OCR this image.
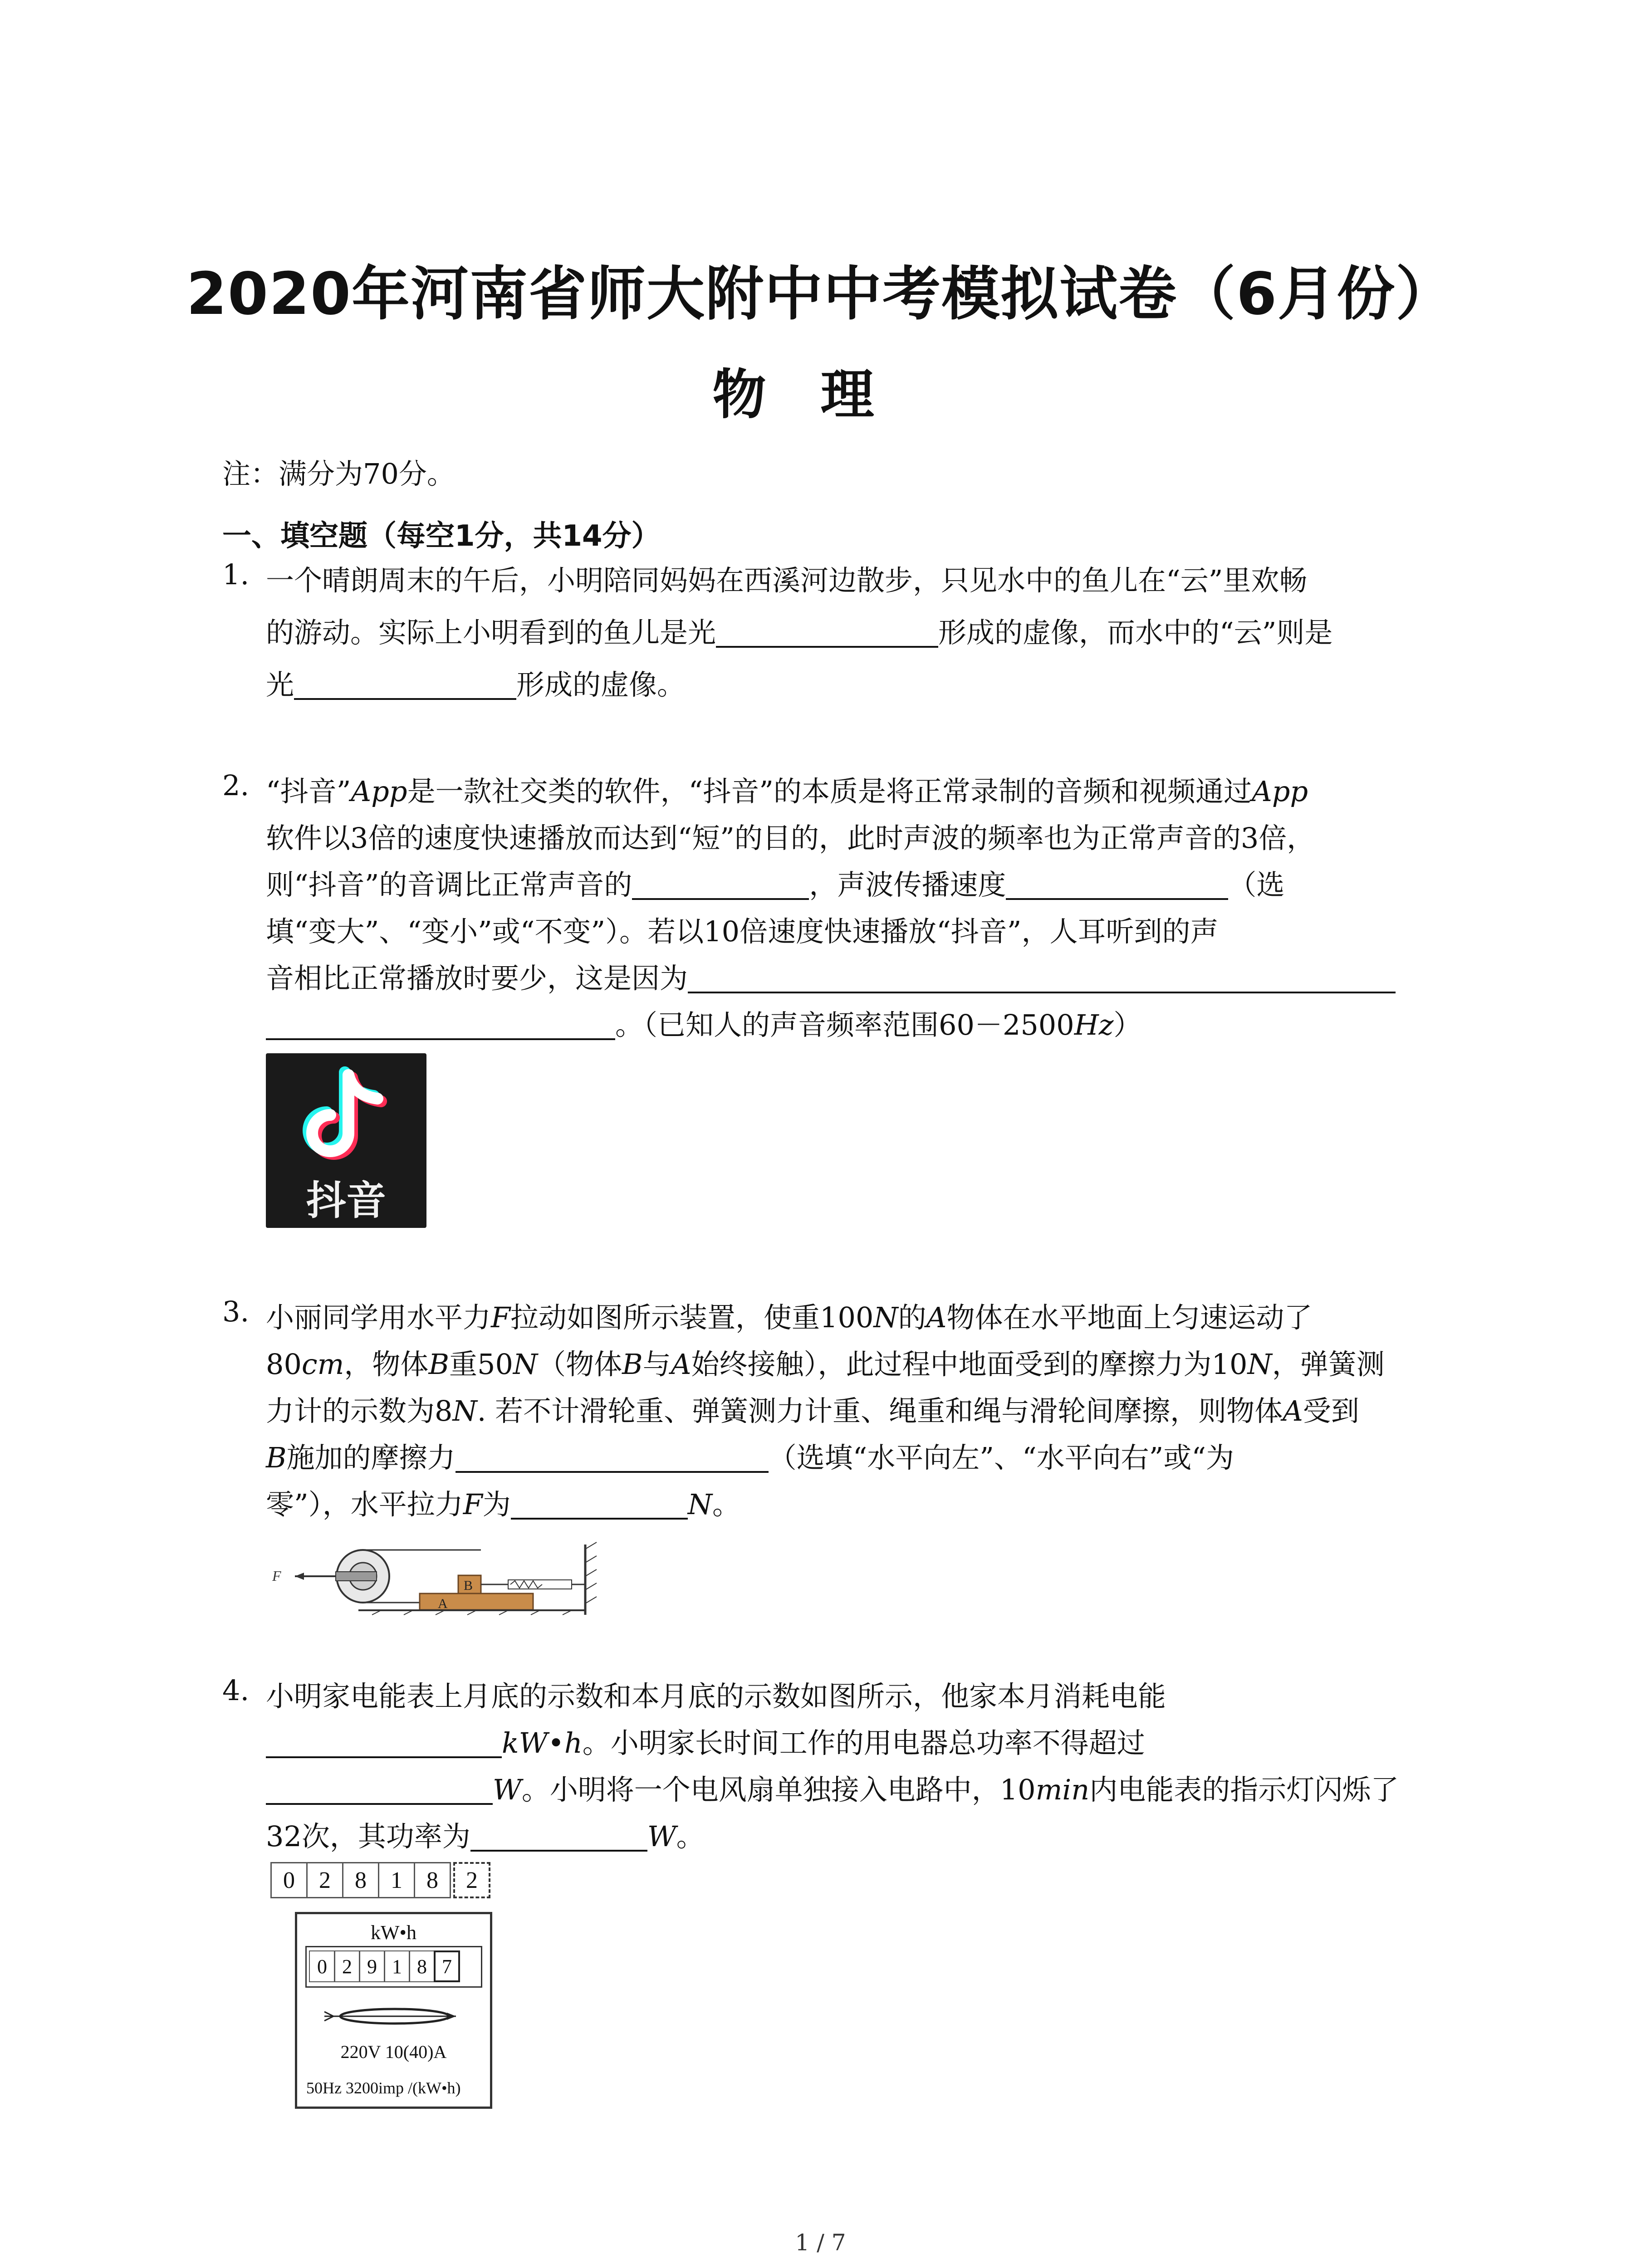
2020年河南省师大附中中考模拟试卷（6月份）
物理
注：满分为70分。
一、填空题（每空1分，共14分）
1. 一个晴朗周末的午后，小明陪同妈妈在西溪河边散步，只见水中的鱼儿在“云”里欢畅
的游动。实际上小明看到的鱼儿是光	形成的虚像，而水中的“云”则是
光	形成的虚像。
2. “抖音”App是一款社交类的软件，“抖音”的本质是将正常录制的音频和视频通过App
软件以3倍的速度快速播放而达到“短”的目的，此时声波的频率也为正常声音的3倍，
则“抖音”的音调比正常声音的	，声波传播速度	（选
填“变大”、“变小”或“不变”）。若以10倍速度快速播放“抖音”，人耳听到的声
音相比正常播放时要少，这是因为
。（已知人的声音频率范围60－2500Hz）
抖音
3. 小丽同学用水平力F拉动如图所示装置，使重100N的A物体在水平地面上匀速运动了
80cm，物体B重50N（物体B与A始终接触），此过程中地面受到的摩擦力为10N，弹簧测
力计的示数为8N. 若不计滑轮重、弹簧测力计重、绳重和绳与滑轮间摩擦，则物体A受到
B施加的摩擦力	（选填“水平向左”、“水平向右”或“为
零”），水平拉力F为	N。
F
A
B
4. 小明家电能表上月底的示数和本月底的示数如图所示，他家本月消耗电能
kW•h。小明家长时间工作的用电器总功率不得超过
W。小明将一个电风扇单独接入电路中，10min内电能表的指示灯闪烁了
32次，其功率为	W。
0	2	8	1	8	2
kW•h
0 2 9 1 8 7
220V 10(40)A
50Hz 3200imp /(kW•h)
1 / 7
